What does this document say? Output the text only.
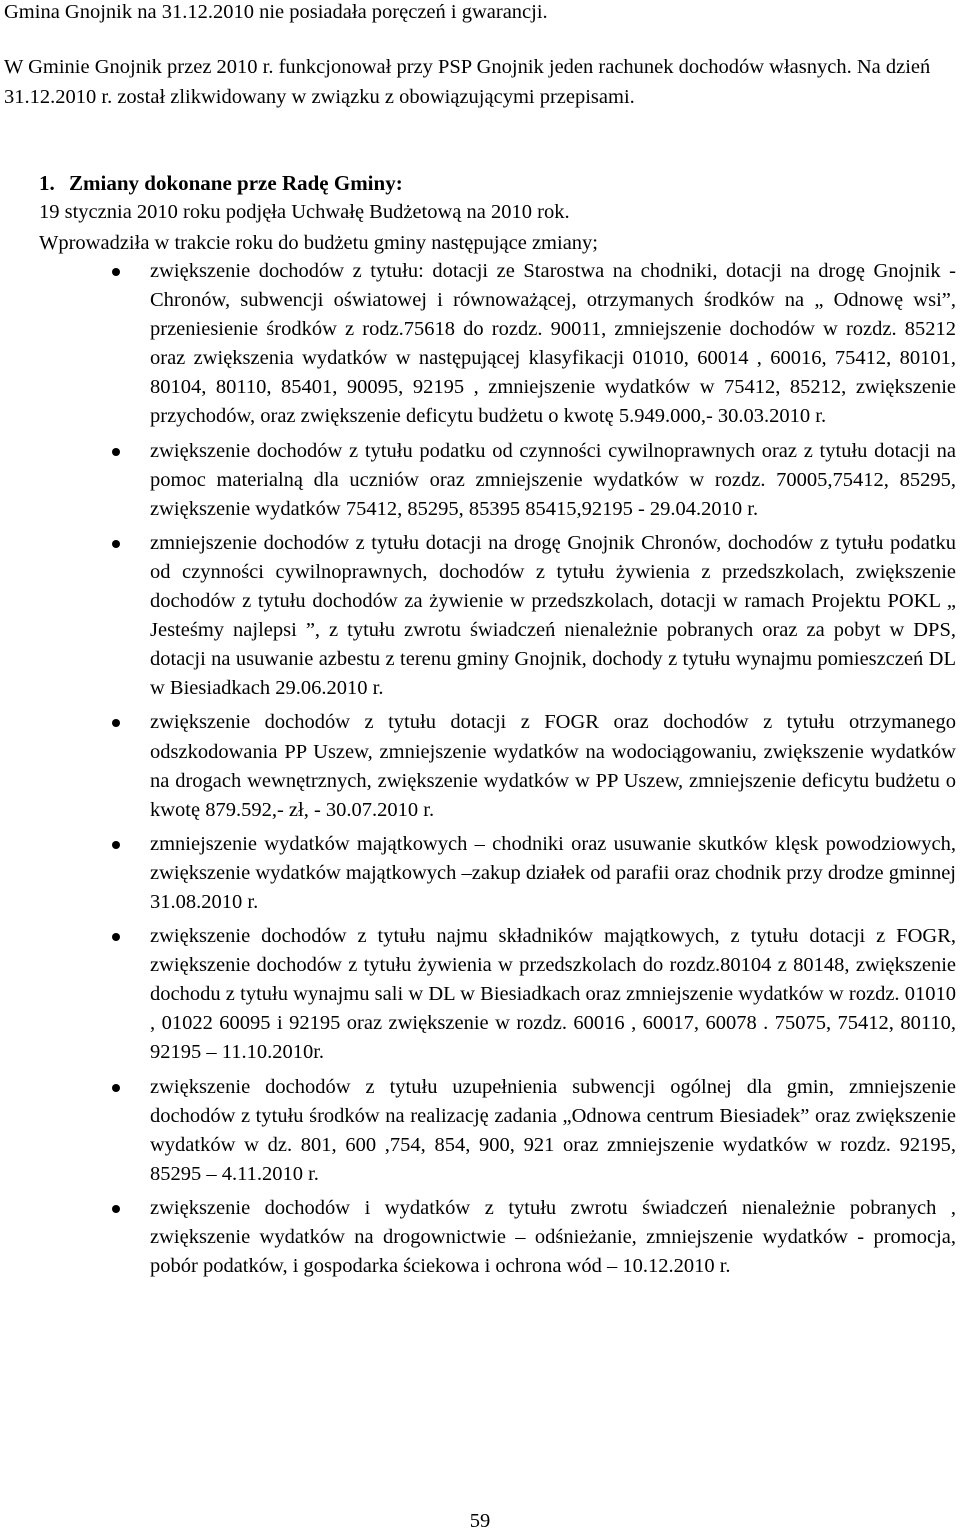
Gmina Gnojnik na 31.12.2010 nie posiadała poręczeń i gwarancji.

W Gminie Gnojnik przez 2010 r. funkcjonował przy PSP Gnojnik jeden rachunek dochodów własnych. Na dzień 31.12.2010 r. został zlikwidowany w związku z obowiązującymi przepisami.

1. Zmiany dokonane prze Radę Gminy:

19 stycznia 2010 roku podjęła Uchwałę Budżetową na 2010 rok.

Wprowadziła w trakcie roku do budżetu gminy następujące zmiany;

zwiększenie dochodów z tytułu: dotacji ze Starostwa na chodniki, dotacji na drogę Gnojnik - Chronów, subwencji oświatowej i równoważącej, otrzymanych środków na „ Odnowę wsi”, przeniesienie środków z rodz.75618 do rozdz. 90011, zmniejszenie dochodów w rozdz. 85212 oraz zwiększenia wydatków w następującej klasyfikacji 01010, 60014 , 60016, 75412, 80101, 80104, 80110, 85401, 90095, 92195 , zmniejszenie wydatków w 75412, 85212, zwiększenie przychodów, oraz zwiększenie deficytu budżetu o kwotę 5.949.000,- 30.03.2010 r.
zwiększenie dochodów z tytułu podatku od czynności cywilnoprawnych oraz z tytułu dotacji na pomoc materialną dla uczniów oraz zmniejszenie wydatków w rozdz. 70005,75412, 85295, zwiększenie wydatków 75412, 85295, 85395 85415,92195 - 29.04.2010 r.
zmniejszenie dochodów z tytułu dotacji na drogę Gnojnik Chronów, dochodów z tytułu podatku od czynności cywilnoprawnych, dochodów z tytułu żywienia z przedszkolach, zwiększenie dochodów z tytułu dochodów za żywienie w przedszkolach, dotacji w ramach Projektu POKL „ Jesteśmy najlepsi ”, z tytułu zwrotu świadczeń nienależnie pobranych oraz za pobyt w DPS, dotacji na usuwanie azbestu z terenu gminy Gnojnik, dochody z tytułu wynajmu pomieszczeń DL w Biesiadkach 29.06.2010 r.
zwiększenie dochodów z tytułu dotacji z FOGR oraz dochodów z tytułu otrzymanego odszkodowania PP Uszew, zmniejszenie wydatków na wodociągowaniu, zwiększenie wydatków na drogach wewnętrznych, zwiększenie wydatków w PP Uszew, zmniejszenie deficytu budżetu o kwotę 879.592,- zł, - 30.07.2010 r.
zmniejszenie wydatków majątkowych – chodniki oraz usuwanie skutków klęsk powodziowych, zwiększenie wydatków majątkowych –zakup działek od parafii oraz chodnik przy drodze gminnej 31.08.2010 r.
zwiększenie dochodów z tytułu najmu składników majątkowych, z tytułu dotacji z FOGR, zwiększenie dochodów z tytułu żywienia w przedszkolach do rozdz.80104 z 80148, zwiększenie dochodu z tytułu wynajmu sali w DL w Biesiadkach oraz zmniejszenie wydatków w rozdz. 01010 , 01022 60095 i 92195 oraz zwiększenie w rozdz. 60016 , 60017, 60078 . 75075, 75412, 80110, 92195 – 11.10.2010r.
zwiększenie dochodów z tytułu uzupełnienia subwencji ogólnej dla gmin, zmniejszenie dochodów z tytułu środków na realizację zadania „Odnowa centrum Biesiadek” oraz zwiększenie wydatków w dz. 801, 600 ,754, 854, 900, 921 oraz zmniejszenie wydatków w rozdz. 92195, 85295 – 4.11.2010 r.
zwiększenie dochodów i wydatków z tytułu zwrotu świadczeń nienależnie pobranych , zwiększenie wydatków na drogownictwie – odśnieżanie, zmniejszenie wydatków - promocja, pobór podatków, i gospodarka ściekowa i ochrona wód – 10.12.2010 r.

59
